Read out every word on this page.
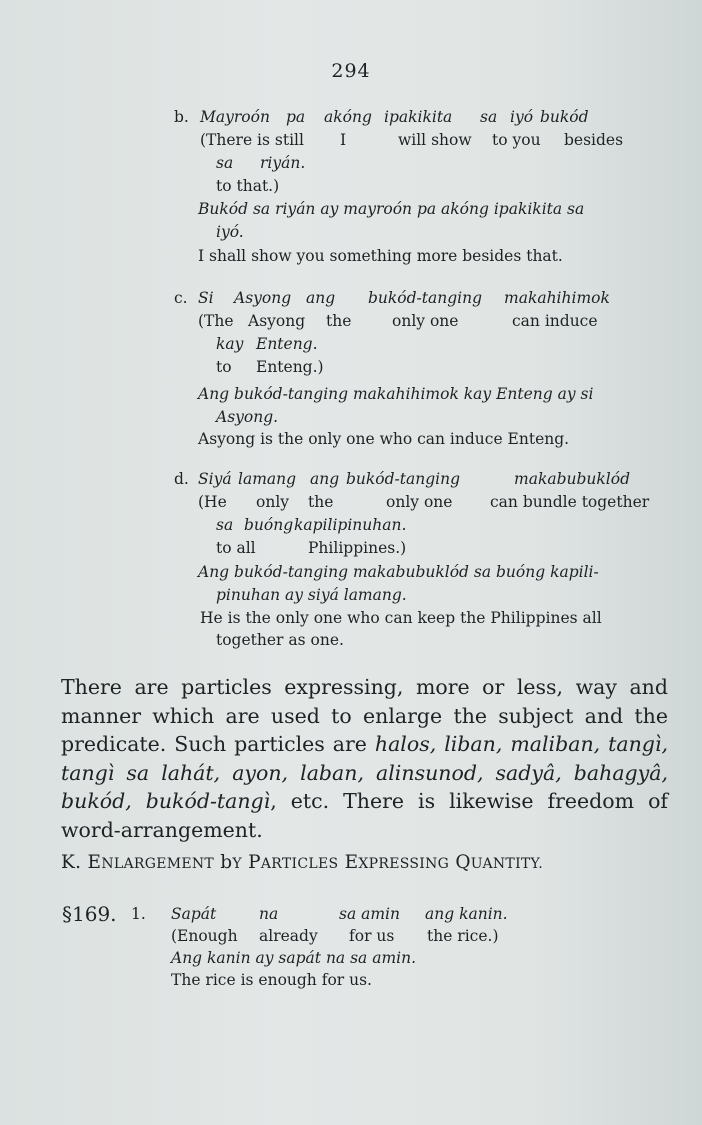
294
b. Mayroón pa akóng ipakikita sa iyó bukód
(There is still I	will show to you besides
sa riyán.
to that.)
Bukód sa riyán ay mayroón pa akóng ipakikita sa
iyó.
I shall show you something more besides that.
c. Si Asyong ang bukód-tanging makahihimok
(The Asyong the	only one	can induce
kay Enteng.
to Enteng.)
Ang bukód-tanging makahihimok kay Enteng ay si
Asyong.
Asyong is the only one who can induce Enteng.
d. Siyá lamang ang bukód-tanging	makabubuklód
(He only the	only one can bundle together
sa buóng kapilipinuhan.
to all	Philippines.)
Ang bukód-tanging makabubuklód sa buóng kapili-
pinuhan ay siyá lamang.
He is the only one who can keep the Philippines all
together as one.
There are particles expressing, more or less, way and
manner which are used to enlarge the subject and the
predicate. Such particles are halos, liban, maliban, tangì,
tangì sa lahát, ayon, laban, alinsunod, sadyâ, bahagyâ,
bukód, bukód-tangì, etc. There is likewise freedom of
word-arrangement.
K. ENLARGEMENT bY PARTICLES EXPRESSING QUANTITY.
§169. 1. Sapát	na	sa amin ang kanin.
(Enough already for us the rice.)
Ang kanin ay sapát na sa amin.
The rice is enough for us.
